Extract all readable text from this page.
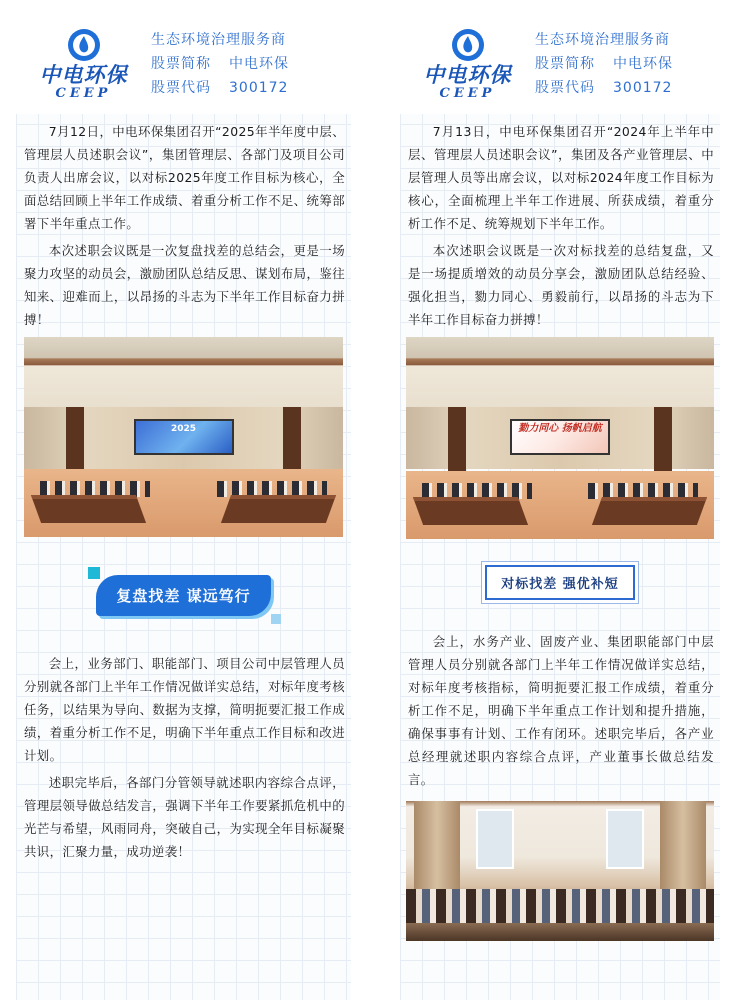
中电环保
CEEP
生态环境治理服务商
股票简称 中电环保
股票代码 300172

7月12日，中电环保集团召开“2025年半年度中层、管理层人员述职会议”，集团管理层、各部门及项目公司负责人出席会议，以对标2025年度工作目标为核心，全面总结回顾上半年工作成绩、着重分析工作不足、统筹部署下半年重点工作。

本次述职会议既是一次复盘找差的总结会，更是一场聚力攻坚的动员会，激励团队总结反思、谋划布局，鉴往知来、迎难而上，以昂扬的斗志为下半年工作目标奋力拼搏！

2025
复盘找差 谋远笃行

会上，业务部门、职能部门、项目公司中层管理人员分别就各部门上半年工作情况做详实总结，对标年度考核任务，以结果为导向、数据为支撑，简明扼要汇报工作成绩，着重分析工作不足，明确下半年重点工作目标和改进计划。

述职完毕后，各部门分管领导就述职内容综合点评，管理层领导做总结发言，强调下半年工作要紧抓危机中的光芒与希望，风雨同舟，突破自己，为实现全年目标凝聚共识，汇聚力量，成功逆袭！

中电环保
CEEP
生态环境治理服务商
股票简称 中电环保
股票代码 300172

7月13日，中电环保集团召开“2024年上半年中层、管理层人员述职会议”，集团及各产业管理层、中层管理人员等出席会议，以对标2024年度工作目标为核心，全面梳理上半年工作进展、所获成绩，着重分析工作不足、统筹规划下半年工作。

本次述职会议既是一次对标找差的总结复盘，又是一场提质增效的动员分享会，激励团队总结经验、强化担当，勠力同心、勇毅前行，以昂扬的斗志为下半年工作目标奋力拼搏！

勠力同心 扬帆启航
对标找差 强优补短

会上，水务产业、固废产业、集团职能部门中层管理人员分别就各部门上半年工作情况做详实总结，对标年度考核指标，简明扼要汇报工作成绩，着重分析工作不足，明确下半年重点工作计划和提升措施，确保事事有计划、工作有闭环。述职完毕后，各产业总经理就述职内容综合点评，产业董事长做总结发言。
